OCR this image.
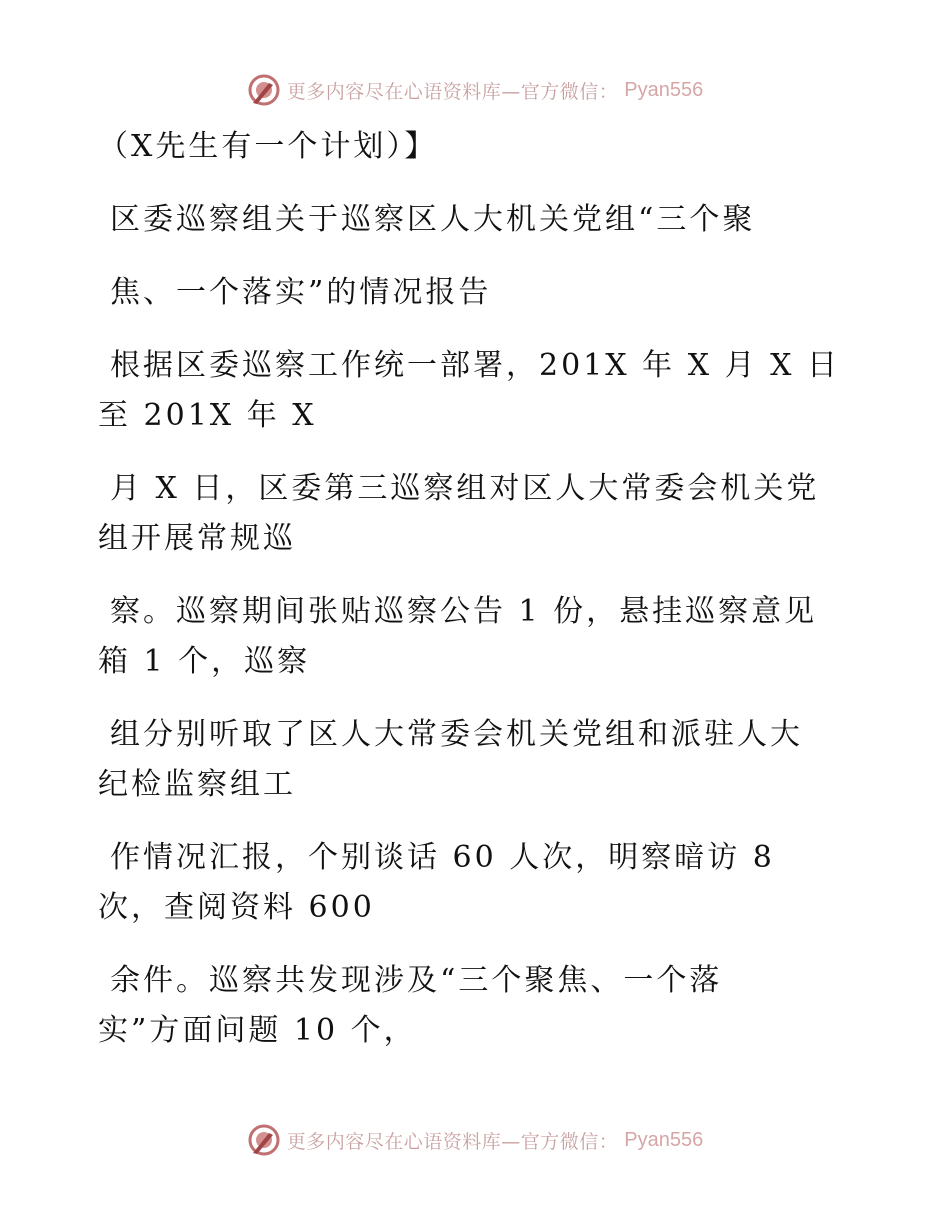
更多内容尽在心语资料库—官方微信： Pyan556
（X先生有一个计划）】
区委巡察组关于巡察区人大机关党组“三个聚
焦、一个落实”的情况报告
根据区委巡察工作统一部署，201X 年 X 月 X 日
至 201X 年 X
月 X 日，区委第三巡察组对区人大常委会机关党
组开展常规巡
察。巡察期间张贴巡察公告 1 份，悬挂巡察意见
箱 1 个，巡察
组分别听取了区人大常委会机关党组和派驻人大
纪检监察组工
作情况汇报，个别谈话 60 人次，明察暗访 8
次，查阅资料 600
余件。巡察共发现涉及“三个聚焦、一个落
实”方面问题 10 个，
更多内容尽在心语资料库—官方微信： Pyan556
